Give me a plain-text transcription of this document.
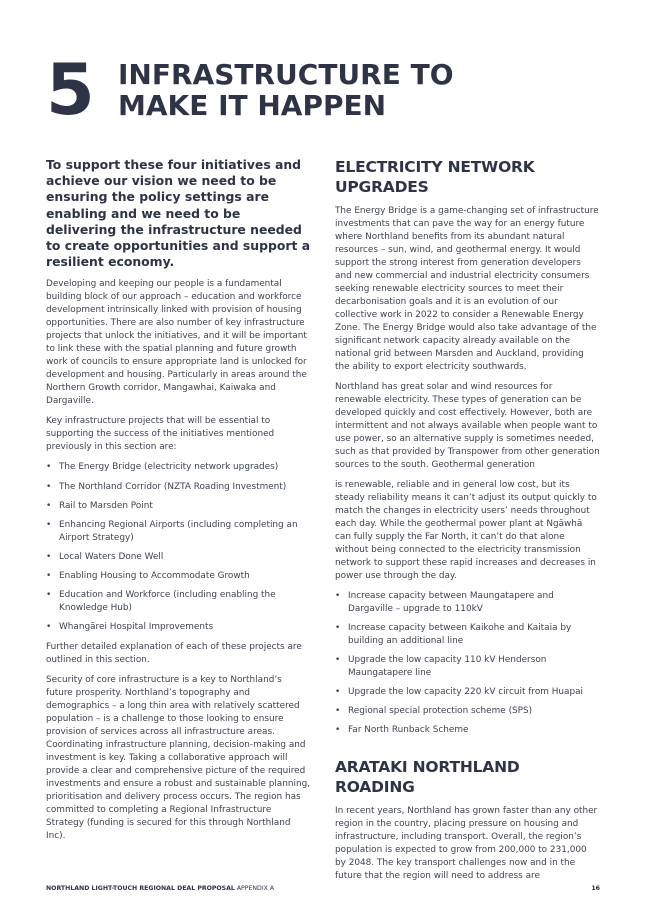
5 INFRASTRUCTURE TO
MAKE IT HAPPEN

To support these four initiatives and achieve our vision we need to be ensuring the policy settings are enabling and we need to be delivering the infrastructure needed to create opportunities and support a resilient economy.

Developing and keeping our people is a fundamental building block of our approach – education and workforce development intrinsically linked with provision of housing opportunities. There are also number of key infrastructure projects that unlock the initiatives, and it will be important to link these with the spatial planning and future growth work of councils to ensure appropriate land is unlocked for development and housing. Particularly in areas around the Northern Growth corridor, Mangawhai, Kaiwaka and Dargaville.

Key infrastructure projects that will be essential to supporting the success of the initiatives mentioned previously in this section are:

• The Energy Bridge (electricity network upgrades)
• The Northland Corridor (NZTA Roading Investment)
• Rail to Marsden Point
• Enhancing Regional Airports (including completing an Airport Strategy)
• Local Waters Done Well
• Enabling Housing to Accommodate Growth
• Education and Workforce (including enabling the Knowledge Hub)
• Whangārei Hospital Improvements

Further detailed explanation of each of these projects are outlined in this section.

Security of core infrastructure is a key to Northland’s future prosperity. Northland’s topography and demographics – a long thin area with relatively scattered population – is a challenge to those looking to ensure provision of services across all infrastructure areas. Coordinating infrastructure planning, decision-making and investment is key. Taking a collaborative approach will provide a clear and comprehensive picture of the required investments and ensure a robust and sustainable planning, prioritisation and delivery process occurs. The region has committed to completing a Regional Infrastructure Strategy (funding is secured for this through Northland Inc).

ELECTRICITY NETWORK UPGRADES

The Energy Bridge is a game-changing set of infrastructure investments that can pave the way for an energy future where Northland benefits from its abundant natural resources – sun, wind, and geothermal energy. It would support the strong interest from generation developers and new commercial and industrial electricity consumers seeking renewable electricity sources to meet their decarbonisation goals and it is an evolution of our collective work in 2022 to consider a Renewable Energy Zone. The Energy Bridge would also take advantage of the significant network capacity already available on the national grid between Marsden and Auckland, providing the ability to export electricity southwards.

Northland has great solar and wind resources for renewable electricity. These types of generation can be developed quickly and cost effectively. However, both are intermittent and not always available when people want to use power, so an alternative supply is sometimes needed, such as that provided by Transpower from other generation sources to the south. Geothermal generation

is renewable, reliable and in general low cost, but its steady reliability means it can’t adjust its output quickly to match the changes in electricity users’ needs throughout each day. While the geothermal power plant at Ngāwhā can fully supply the Far North, it can’t do that alone without being connected to the electricity transmission network to support these rapid increases and decreases in power use through the day.

• Increase capacity between Maungatapere and Dargaville – upgrade to 110kV
• Increase capacity between Kaikohe and Kaitaia by building an additional line
• Upgrade the low capacity 110 kV Henderson Maungatapere line
• Upgrade the low capacity 220 kV circuit from Huapai
• Regional special protection scheme (SPS)
• Far North Runback Scheme
ARATAKI NORTHLAND ROADING

In recent years, Northland has grown faster than any other region in the country, placing pressure on housing and infrastructure, including transport. Overall, the region’s population is expected to grow from 200,000 to 231,000 by 2048. The key transport challenges now and in the future that the region will need to address are

NORTHLAND LIGHT-TOUCH REGIONAL DEAL PROPOSAL APPENDIX A	16
